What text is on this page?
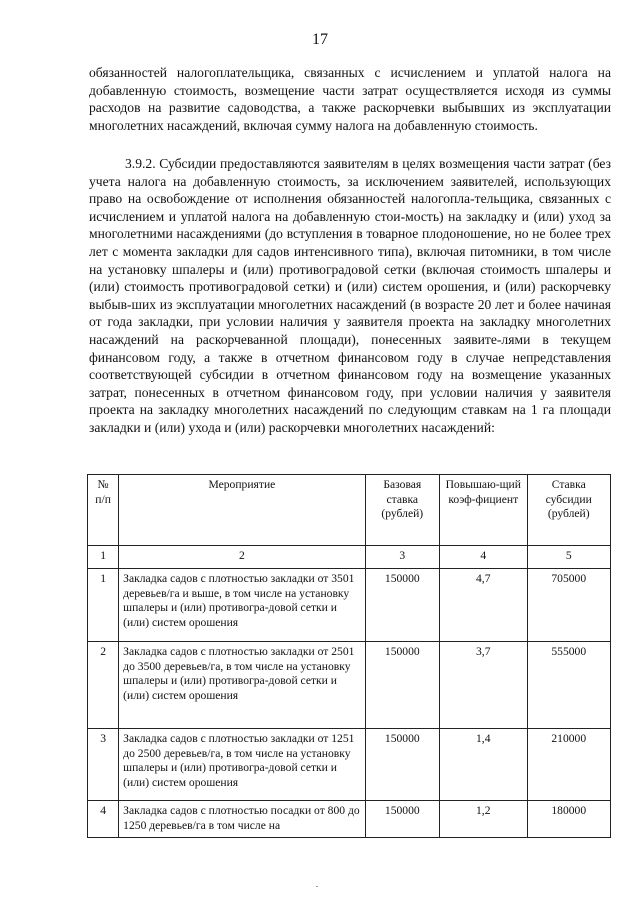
17

обязанностей налогоплательщика, связанных с исчислением и уплатой налога на добавленную стоимость, возмещение части затрат осуществляется исходя из суммы расходов на развитие садоводства, а также раскорчевки выбывших из эксплуатации многолетних насаждений, включая сумму налога на добавленную стоимость.

3.9.2. Субсидии предоставляются заявителям в целях возмещения части затрат (без учета налога на добавленную стоимость, за исключением заявителей, использующих право на освобождение от исполнения обязанностей налогопла-тельщика, связанных с исчислением и уплатой налога на добавленную стои-мость) на закладку и (или) уход за многолетними насаждениями (до вступления в товарное плодоношение, но не более трех лет с момента закладки для садов интенсивного типа), включая питомники, в том числе на установку шпалеры и (или) противоградовой сетки (включая стоимость шпалеры и (или) стоимость противоградовой сетки) и (или) систем орошения, и (или) раскорчевку выбыв-ших из эксплуатации многолетних насаждений (в возрасте 20 лет и более начиная от года закладки, при условии наличия у заявителя проекта на закладку многолетних насаждений на раскорчеванной площади), понесенных заявите-лями в текущем финансовом году, а также в отчетном финансовом году в случае непредставления соответствующей субсидии в отчетном финансовом году на возмещение указанных затрат, понесенных в отчетном финансовом году, при условии наличия у заявителя проекта на закладку многолетних насаждений по следующим ставкам на 1 га площади закладки и (или) ухода и (или) раскорчевки многолетних насаждений:

№ п/п	Мероприятие	Базовая ставка (рублей)	Повышаю-щий коэф-фициент	Ставка субсидии (рублей)
1	2	3	4	5
1	Закладка садов с плотностью закладки от 3501 деревьев/га и выше, в том числе на установку шпалеры и (или) противогра-довой сетки и (или) систем орошения	150000	4,7	705000
2	Закладка садов с плотностью закладки от 2501 до 3500 деревьев/га, в том числе на установку шпалеры и (или) противогра-довой сетки и (или) систем орошения	150000	3,7	555000
3	Закладка садов с плотностью закладки от 1251 до 2500 деревьев/га, в том числе на установку шпалеры и (или) противогра-довой сетки и (или) систем орошения	150000	1,4	210000
4	Закладка садов с плотностью посадки от 800 до 1250 деревьев/га в том числе на	150000	1,2	180000
